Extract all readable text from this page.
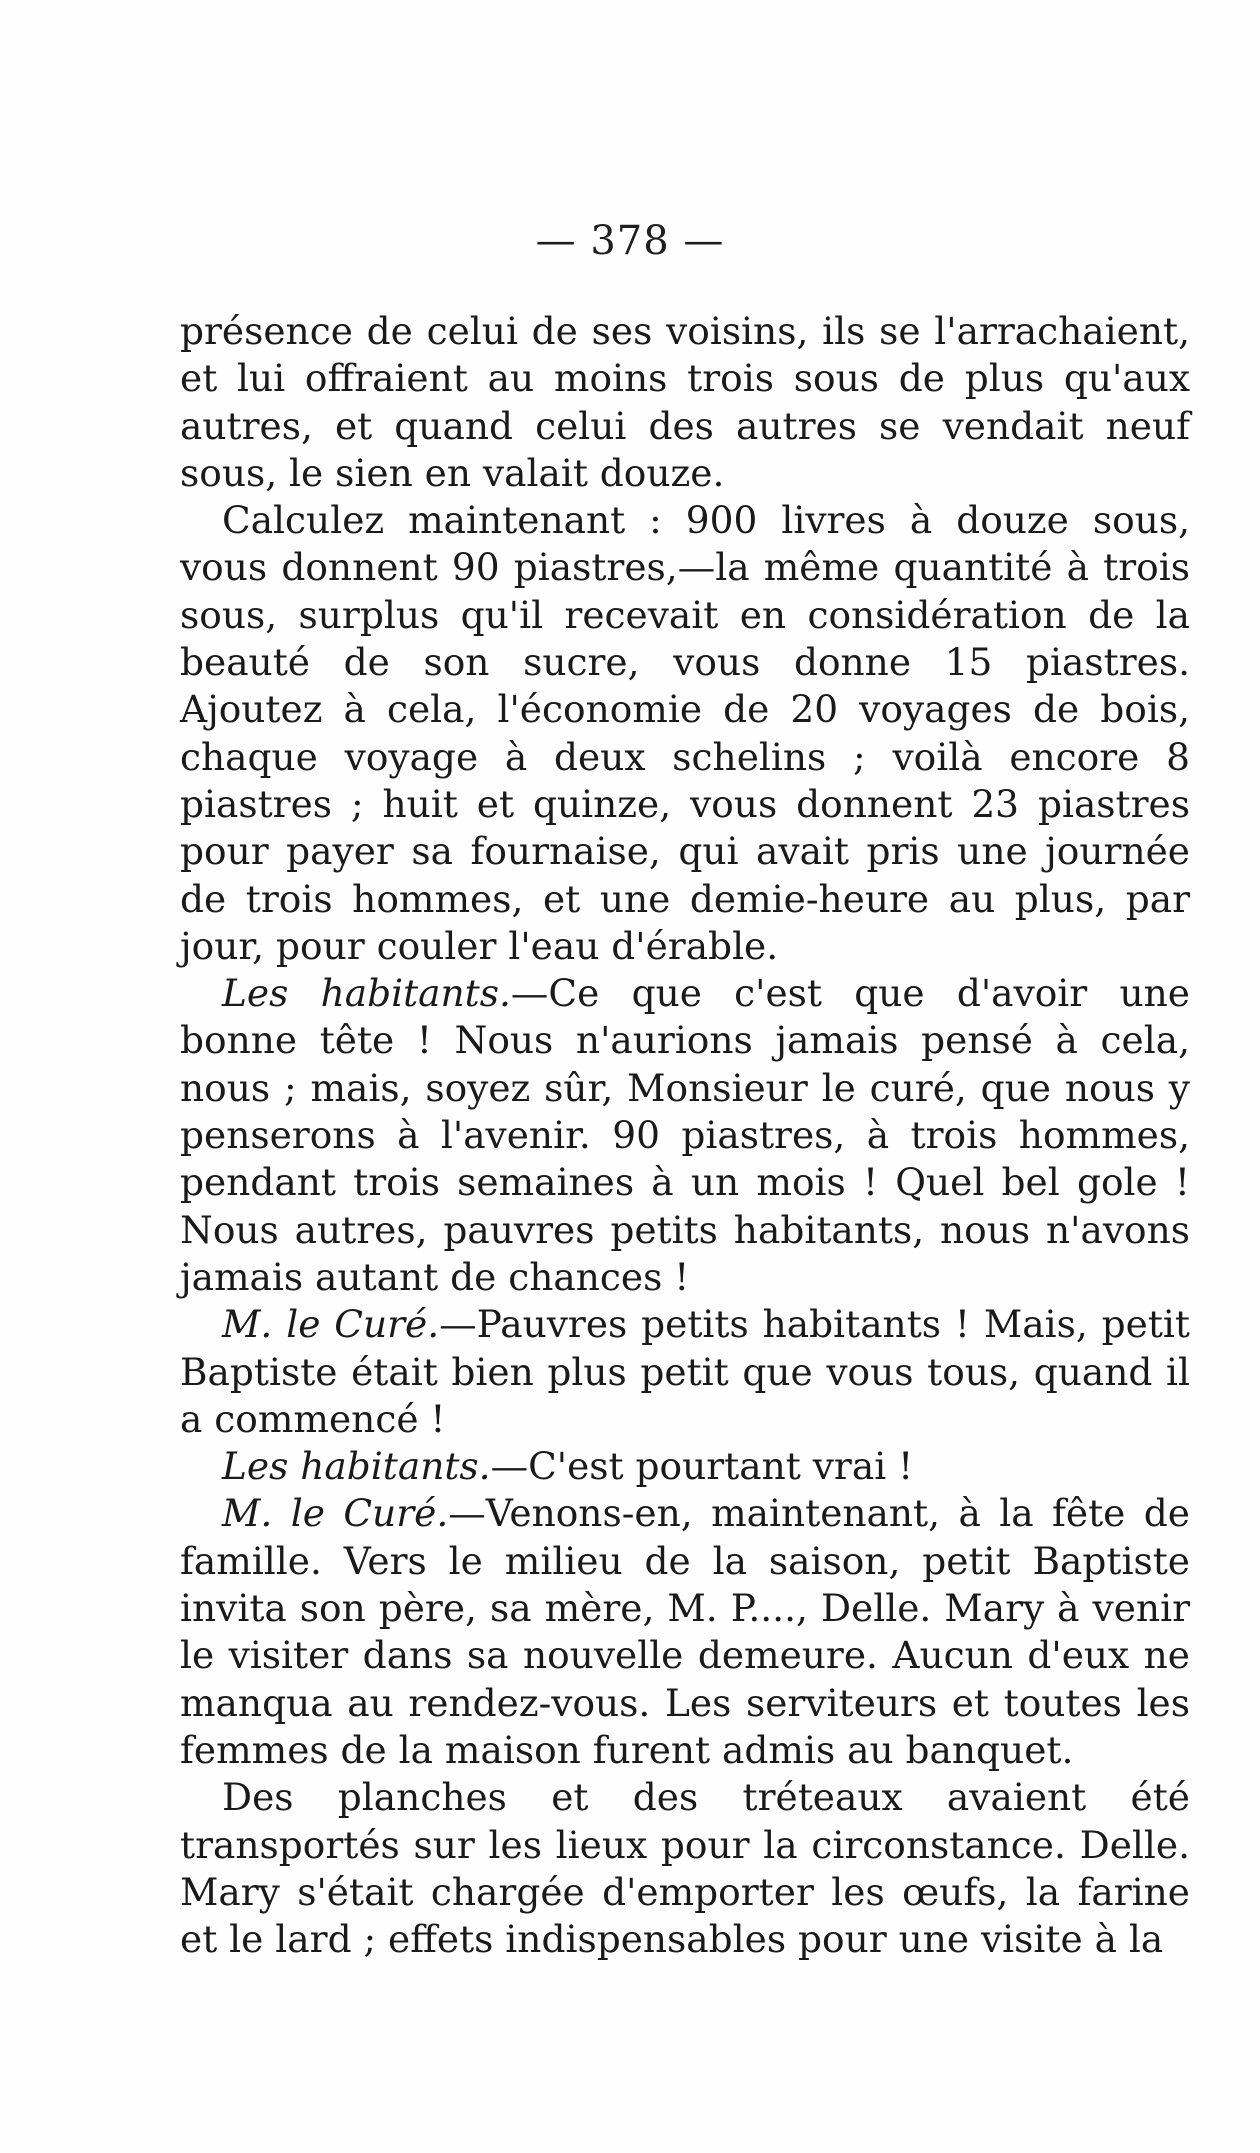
— 378 —

présence de celui de ses voisins, ils se l'arrachaient, et lui offraient au moins trois sous de plus qu'aux autres, et quand celui des autres se vendait neuf sous, le sien en valait douze.

Calculez maintenant : 900 livres à douze sous, vous donnent 90 piastres,—la même quantité à trois sous, surplus qu'il recevait en considération de la beauté de son sucre, vous donne 15 piastres. Ajoutez à cela, l'économie de 20 voyages de bois, chaque voyage à deux schelins ; voilà encore 8 piastres ; huit et quinze, vous donnent 23 piastres pour payer sa fournaise, qui avait pris une journée de trois hommes, et une demie-heure au plus, par jour, pour couler l'eau d'érable.

Les habitants.—Ce que c'est que d'avoir une bonne tête ! Nous n'aurions jamais pensé à cela, nous ; mais, soyez sûr, Monsieur le curé, que nous y penserons à l'avenir. 90 piastres, à trois hommes, pendant trois semaines à un mois ! Quel bel gole ! Nous autres, pauvres petits habitants, nous n'avons jamais autant de chances !

M. le Curé.—Pauvres petits habitants ! Mais, petit Baptiste était bien plus petit que vous tous, quand il a commencé !

Les habitants.—C'est pourtant vrai !

M. le Curé.—Venons-en, maintenant, à la fête de famille. Vers le milieu de la saison, petit Baptiste invita son père, sa mère, M. P...., Delle. Mary à venir le visiter dans sa nouvelle demeure. Aucun d'eux ne manqua au rendez-vous. Les serviteurs et toutes les femmes de la maison furent admis au banquet.

Des planches et des tréteaux avaient été transportés sur les lieux pour la circonstance. Delle. Mary s'était chargée d'emporter les œufs, la farine et le lard ; effets indispensables pour une visite à la
